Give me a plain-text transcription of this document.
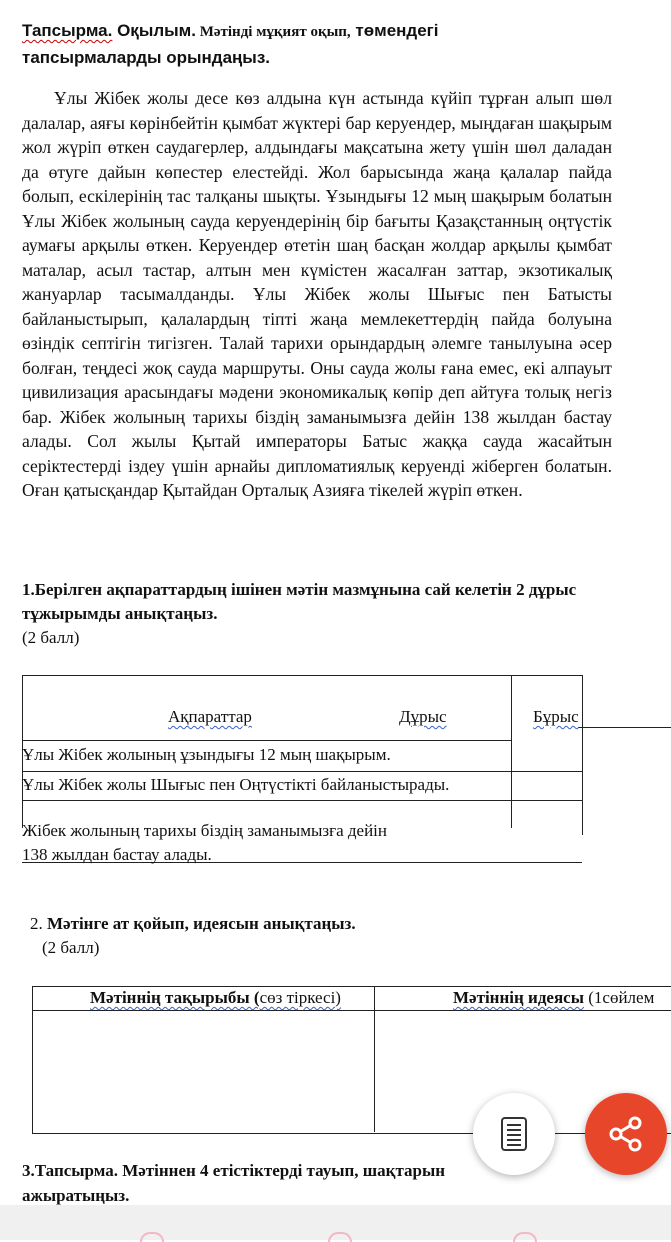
Тапсырма. Оқылым. Мәтінді мұқият оқып, төмендегі
тапсырмаларды орындаңыз.
Ұлы Жібек жолы десе көз алдына күн астында күйіп тұрған алып шөл далалар, аяғы көрінбейтін қымбат жүктері бар керуендер, мыңдаған шақырым жол жүріп өткен саудагерлер, алдындағы мақсатына жету үшін шөл даладан да өтуге дайын көпестер елестейді. Жол барысында жаңа қалалар пайда болып, ескілерінің тас талқаны шықты. Ұзындығы 12 мың шақырым болатын Ұлы Жібек жолының сауда керуендерінің бір бағыты Қазақстанның оңтүстік аумағы арқылы өткен. Керуендер өтетін шаң басқан жолдар арқылы қымбат маталар, асыл тастар, алтын мен күмістен жасалған заттар, экзотикалық жануарлар тасымалданды. Ұлы Жібек жолы Шығыс пен Батысты байланыстырып, қалалардың тіпті жаңа мемлекеттердің пайда болуына өзіндік септігін тигізген. Талай тарихи орындардың әлемге танылуына әсер болған, теңдесі жоқ сауда маршруты. Оны сауда жолы ғана емес, екі алпауыт цивилизация арасындағы мәдени экономикалық көпір деп айтуға толық негіз бар. Жібек жолының тарихы біздің заманымызға дейін 138 жылдан бастау алады. Сол жылы Қытай императоры Батыс жаққа сауда жасайтын серіктестерді іздеу үшін арнайы дипломатиялық керуенді жіберген болатын. Оған қатысқандар Қытайдан Орталық Азияға тікелей жүріп өткен.
1.Берілген ақпараттардың ішінен мәтін мазмұнына сай келетін 2 дұрыс тұжырымды анықтаңыз.
(2 балл)
Ақпараттар	Дұрыс	Бұрыс
Ұлы Жібек жолының ұзындығы 12 мың шақырым.
Ұлы Жібек жолы Шығыс пен Оңтүстікті байланыстырады.
Жібек жолының тарихы біздің заманымызға дейін
138 жылдан бастау алады.
2. Мәтінге ат қойып, идеясын анықтаңыз.
(2 балл)
Мәтіннің тақырыбы (сөз тіркесі)	Мәтіннің идеясы (1сөйлем
3.Тапсырма. Мәтіннен 4 етістіктерді тауып, шақтарын ажыратыңыз.
